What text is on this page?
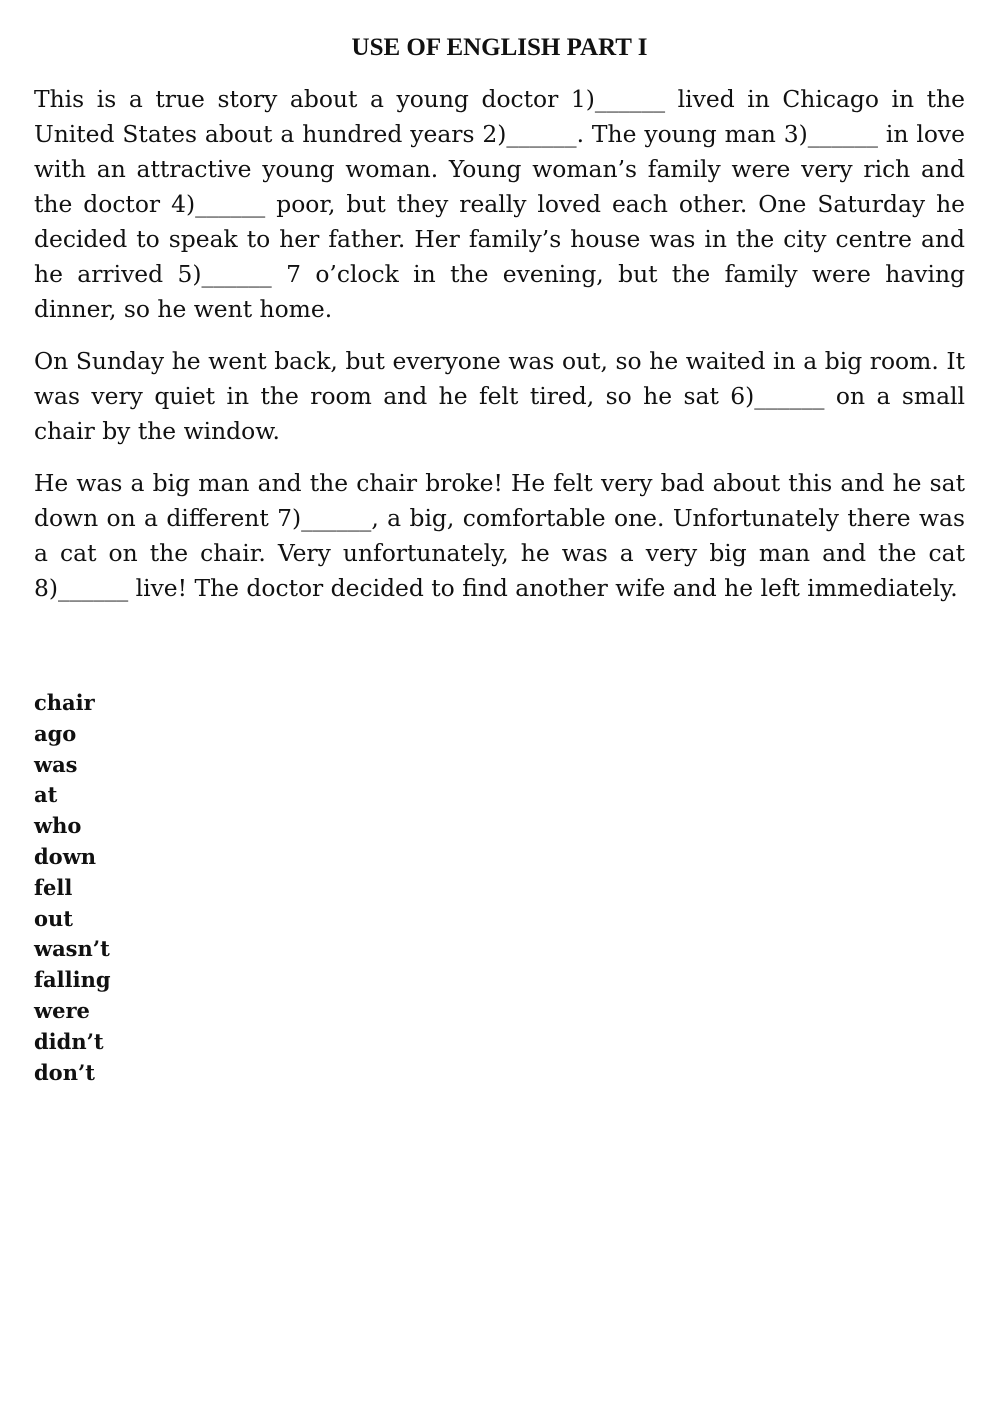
USE OF ENGLISH PART I

This is a true story about a young doctor 1)______ lived in Chicago in the United States about a hundred years 2)______. The young man 3)______ in love with an attractive young woman. Young woman’s family were very rich and the doctor 4)______ poor, but they really loved each other. One Saturday he decided to speak to her father. Her family’s house was in the city centre and he arrived 5)______ 7 o’clock in the evening, but the family were having dinner, so he went home.

On Sunday he went back, but everyone was out, so he waited in a big room. It was very quiet in the room and he felt tired, so he sat 6)______ on a small chair by the window.

He was a big man and the chair broke! He felt very bad about this and he sat down on a different 7)______, a big, comfortable one. Unfortunately there was a cat on the chair. Very unfortunately, he was a very big man and the cat 8)______ live! The doctor decided to find another wife and he left immediately.

chair
ago
was
at
who
down
fell
out
wasn’t
falling
were
didn’t
don’t
